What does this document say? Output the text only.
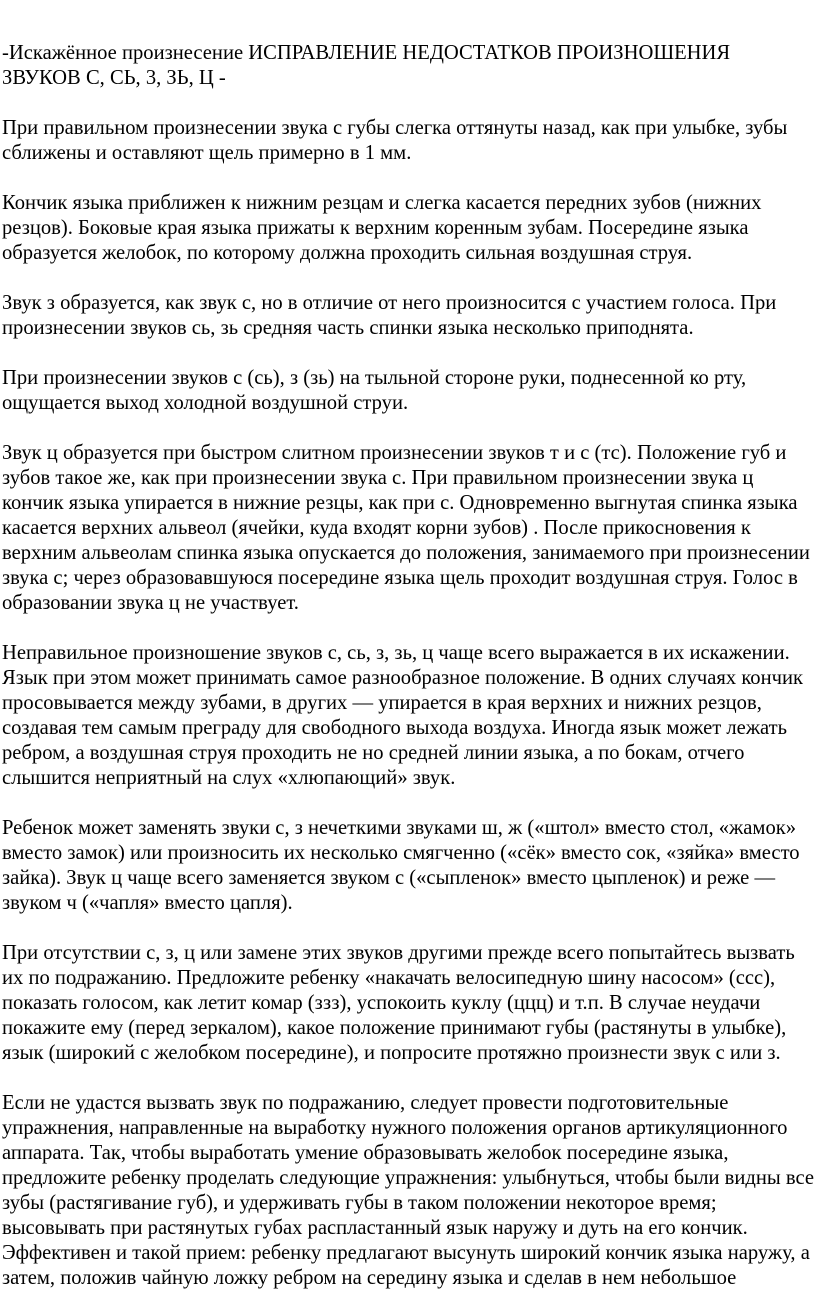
-Искажённое произнесение ИСПРАВЛЕНИЕ НЕДОСТАТКОВ ПРОИЗНОШЕНИЯ ЗВУКОВ С, СЬ, 3, ЗЬ, Ц -

При правильном произнесении звука с губы слегка оттянуты назад, как при улыбке, зубы сближены и оставляют щель примерно в 1 мм.

Кончик языка приближен к нижним резцам и слегка касается передних зубов (нижних резцов). Боковые края языка прижаты к верхним коренным зубам. Посередине языка образуется желобок, по которому должна проходить сильная воздушная струя.

Звук з образуется, как звук с, но в отличие от него произносится с участием голоса. При произнесении звуков сь, зь средняя часть спинки языка несколько приподнята.

При произнесении звуков с (сь), з (зь) на тыльной стороне руки, поднесенной ко рту, ощущается выход холодной воздушной струи.

Звук ц образуется при быстром слитном произнесении звуков т и с (тс). Положение губ и зубов такое же, как при произнесении звука с. При правильном произнесении звука ц кончик языка упирается в нижние резцы, как при с. Одновременно выгнутая спинка языка касается верхних альвеол (ячейки, куда входят корни зубов) . После прикосновения к верхним альвеолам спинка языка опускается до положения, занимаемого при произнесении звука с; через образовавшуюся посередине языка щель проходит воздушная струя. Голос в образовании звука ц не участвует.

Неправильное произношение звуков с, сь, з, зь, ц чаще всего выражается в их искажении. Язык при этом может принимать самое разнообразное положение. В одних случаях кончик просовывается между зубами, в других — упирается в края верхних и нижних резцов, создавая тем самым преграду для свободного выхода воздуха. Иногда язык может лежать ребром, а воздушная струя проходить не но средней линии языка, а по бокам, отчего слышится неприятный на слух «хлюпающий» звук.

Ребенок может заменять звуки с, з нечеткими звуками ш, ж («штол» вместо стол, «жамок» вместо замок) или произносить их несколько смягченно («сёк» вместо сок, «зяйка» вместо зайка). Звук ц чаще всего заменяется звуком с («сыпленок» вместо цыпленок) и реже — звуком ч («чапля» вместо цапля).

При отсутствии с, з, ц или замене этих звуков другими прежде всего попытайтесь вызвать их по подражанию. Предложите ребенку «накачать велосипедную шину насосом» (ссс), показать голосом, как летит комар (ззз), успокоить куклу (ццц) и т.п. В случае неудачи покажите ему (перед зеркалом), какое положение принимают губы (растянуты в улыбке), язык (широкий с желобком посередине), и попросите протяжно произнести звук с или з.

Если не удастся вызвать звук по подражанию, следует провести подготовительные упражнения, направленные на выработку нужного положения органов артикуляционного аппарата. Так, чтобы выработать умение образовывать желобок посередине языка, предложите ребенку проделать следующие упражнения: улыбнуться, чтобы были видны все зубы (растягивание губ), и удерживать губы в таком положении некоторое время; высовывать при растянутых губах распластанный язык наружу и дуть на его кончик. Эффективен и такой прием: ребенку предлагают высунуть широкий кончик языка наружу, а затем, положив чайную ложку ребром на середину языка и сделав в нем небольшое
